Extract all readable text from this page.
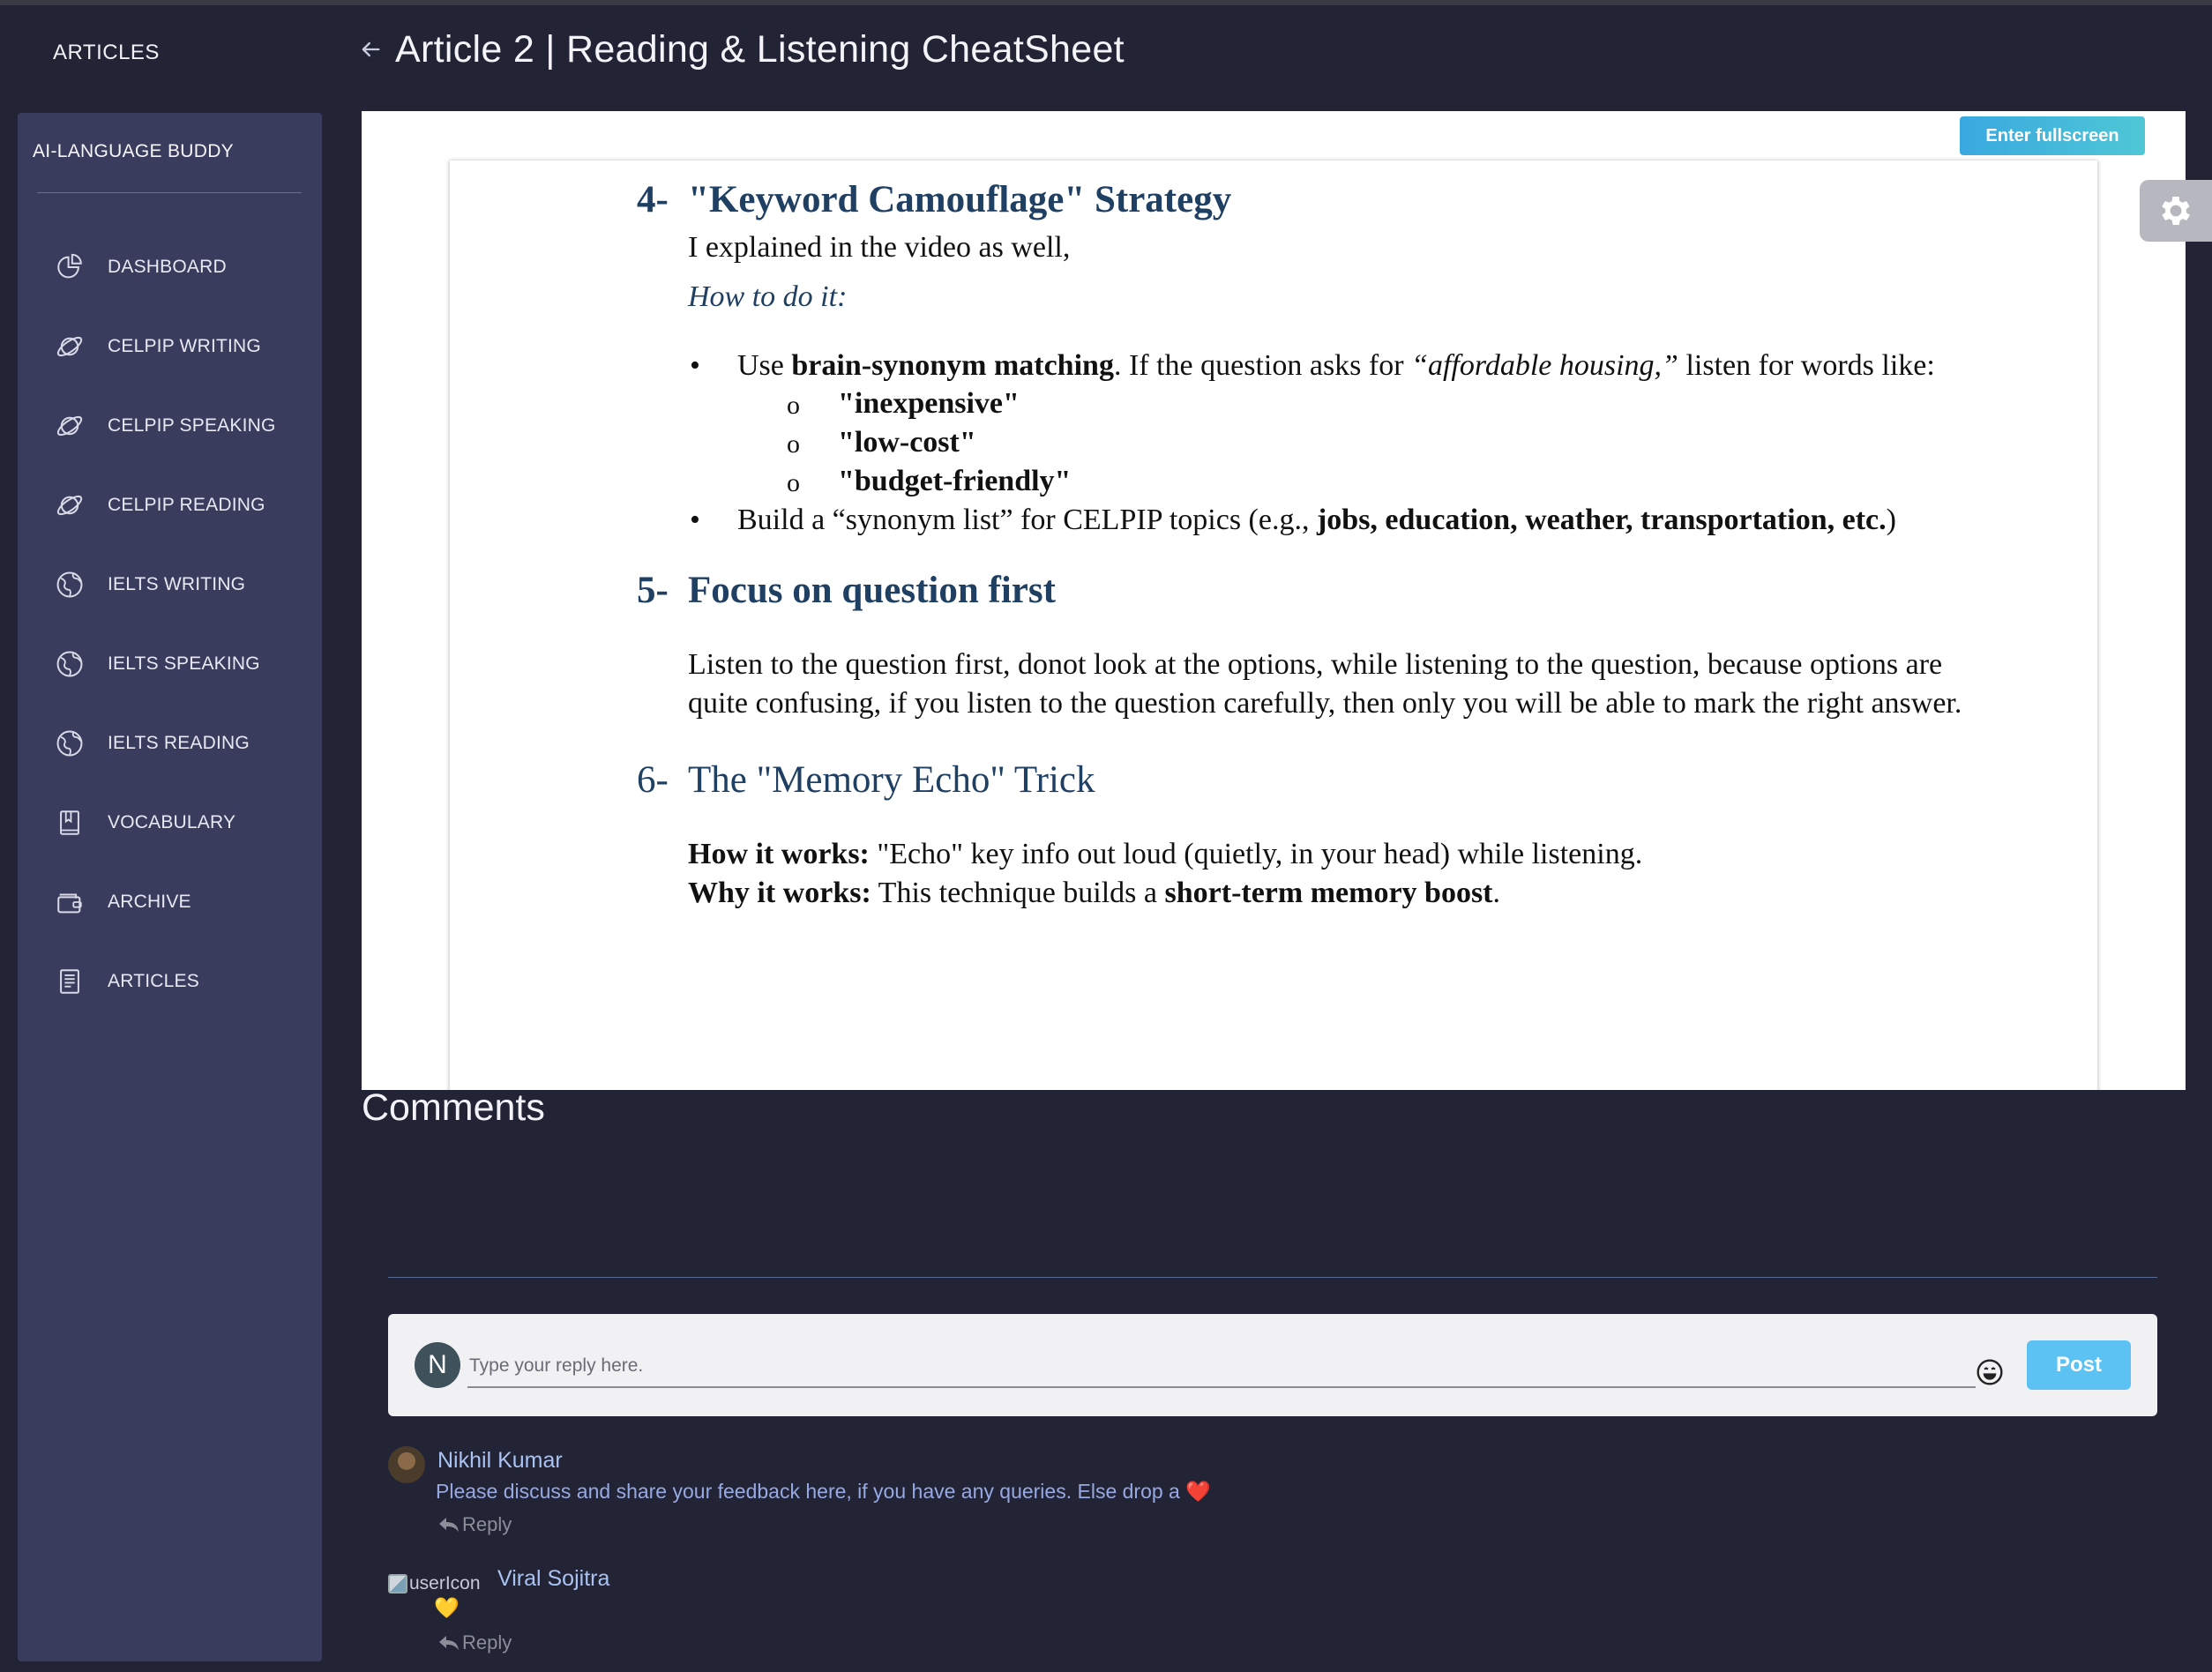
ARTICLES	Article 2 | Reading & Listening CheatSheet
AI-LANGUAGE BUDDY
DASHBOARD
CELPIP WRITING
CELPIP SPEAKING
CELPIP READING
IELTS WRITING
IELTS SPEAKING
IELTS READING
VOCABULARY
ARCHIVE
ARTICLES
Enter fullscreen
4- "Keyword Camouflage" Strategy

I explained in the video as well,

How to do it:

• Use brain-synonym matching. If the question asks for “affordable housing,” listen for words like:
o "inexpensive"
o "low-cost"
o "budget-friendly"
• Build a “synonym list” for CELPIP topics (e.g., jobs, education, weather, transportation, etc.)
5- Focus on question first

Listen to the question first, donot look at the options, while listening to the question, because options are quite confusing, if you listen to the question carefully, then only you will be able to mark the right answer.

6- The "Memory Echo" Trick

How it works: "Echo" key info out loud (quietly, in your head) while listening.

Why it works: This technique builds a short-term memory boost.

Comments
N
Type your reply here.	Post
Nikhil Kumar
Please discuss and share your feedback here, if you have any queries. Else drop a ❤️
Reply
userIcon Viral Sojitra
💛
Reply
